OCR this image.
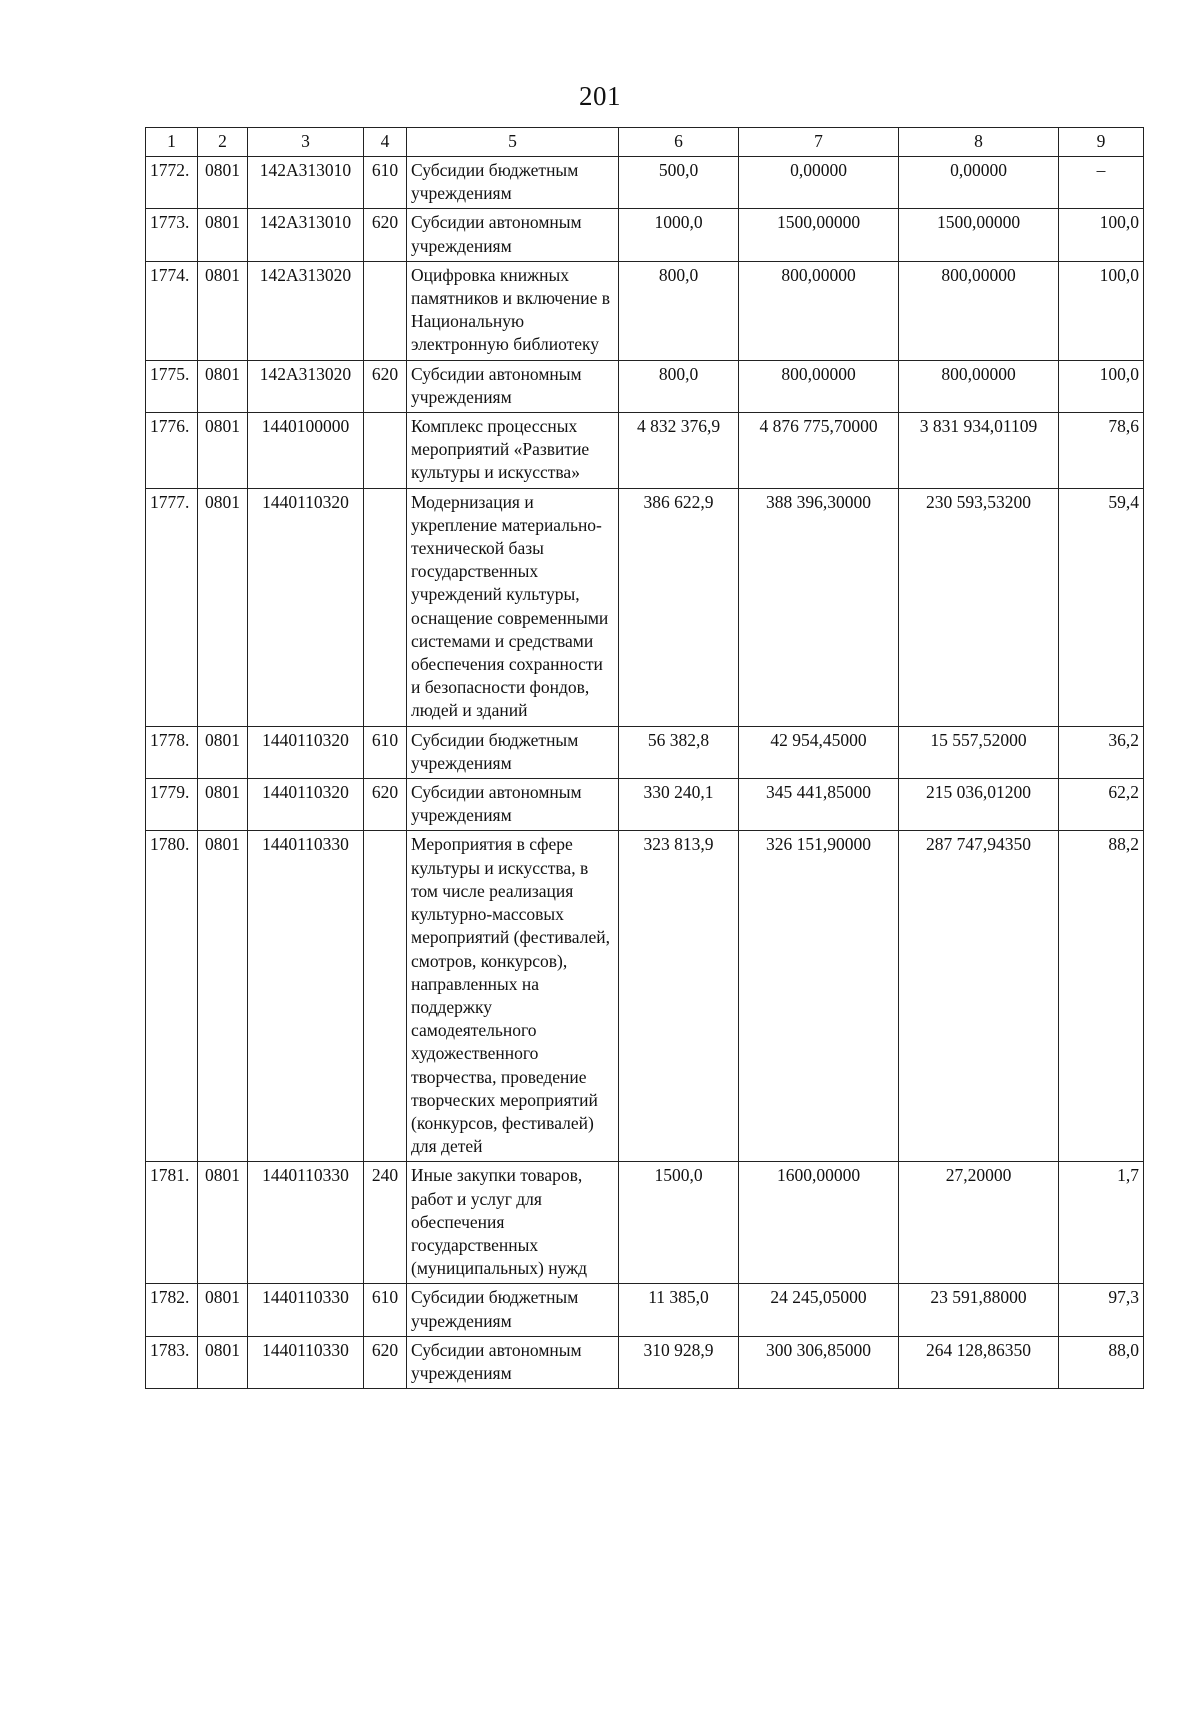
201
1	2	3	4	5	6	7	8	9
1772.	0801	142А313010	610	Субсидии бюджетным учреждениям	500,0	0,00000	0,00000	–
1773.	0801	142А313010	620	Субсидии автономным учреждениям	1000,0	1500,00000	1500,00000	100,0
1774.	0801	142А313020		Оцифровка книжных памятников и включение в Национальную электронную библиотеку	800,0	800,00000	800,00000	100,0
1775.	0801	142А313020	620	Субсидии автономным учреждениям	800,0	800,00000	800,00000	100,0
1776.	0801	1440100000		Комплекс процессных мероприятий «Развитие культуры и искусства»	4 832 376,9	4 876 775,70000	3 831 934,01109	78,6
1777.	0801	1440110320		Модернизация и укрепление материально-технической базы государственных учреждений культуры, оснащение современными системами и средствами обеспечения сохранности и безопасности фондов, людей и зданий	386 622,9	388 396,30000	230 593,53200	59,4
1778.	0801	1440110320	610	Субсидии бюджетным учреждениям	56 382,8	42 954,45000	15 557,52000	36,2
1779.	0801	1440110320	620	Субсидии автономным учреждениям	330 240,1	345 441,85000	215 036,01200	62,2
1780.	0801	1440110330		Мероприятия в сфере культуры и искусства, в том числе реализация культурно-массовых мероприятий (фестивалей, смотров, конкурсов), направленных на поддержку самодеятельного художественного творчества, проведение творческих мероприятий (конкурсов, фестивалей) для детей	323 813,9	326 151,90000	287 747,94350	88,2
1781.	0801	1440110330	240	Иные закупки товаров, работ и услуг для обеспечения государственных (муниципальных) нужд	1500,0	1600,00000	27,20000	1,7
1782.	0801	1440110330	610	Субсидии бюджетным учреждениям	11 385,0	24 245,05000	23 591,88000	97,3
1783.	0801	1440110330	620	Субсидии автономным учреждениям	310 928,9	300 306,85000	264 128,86350	88,0
